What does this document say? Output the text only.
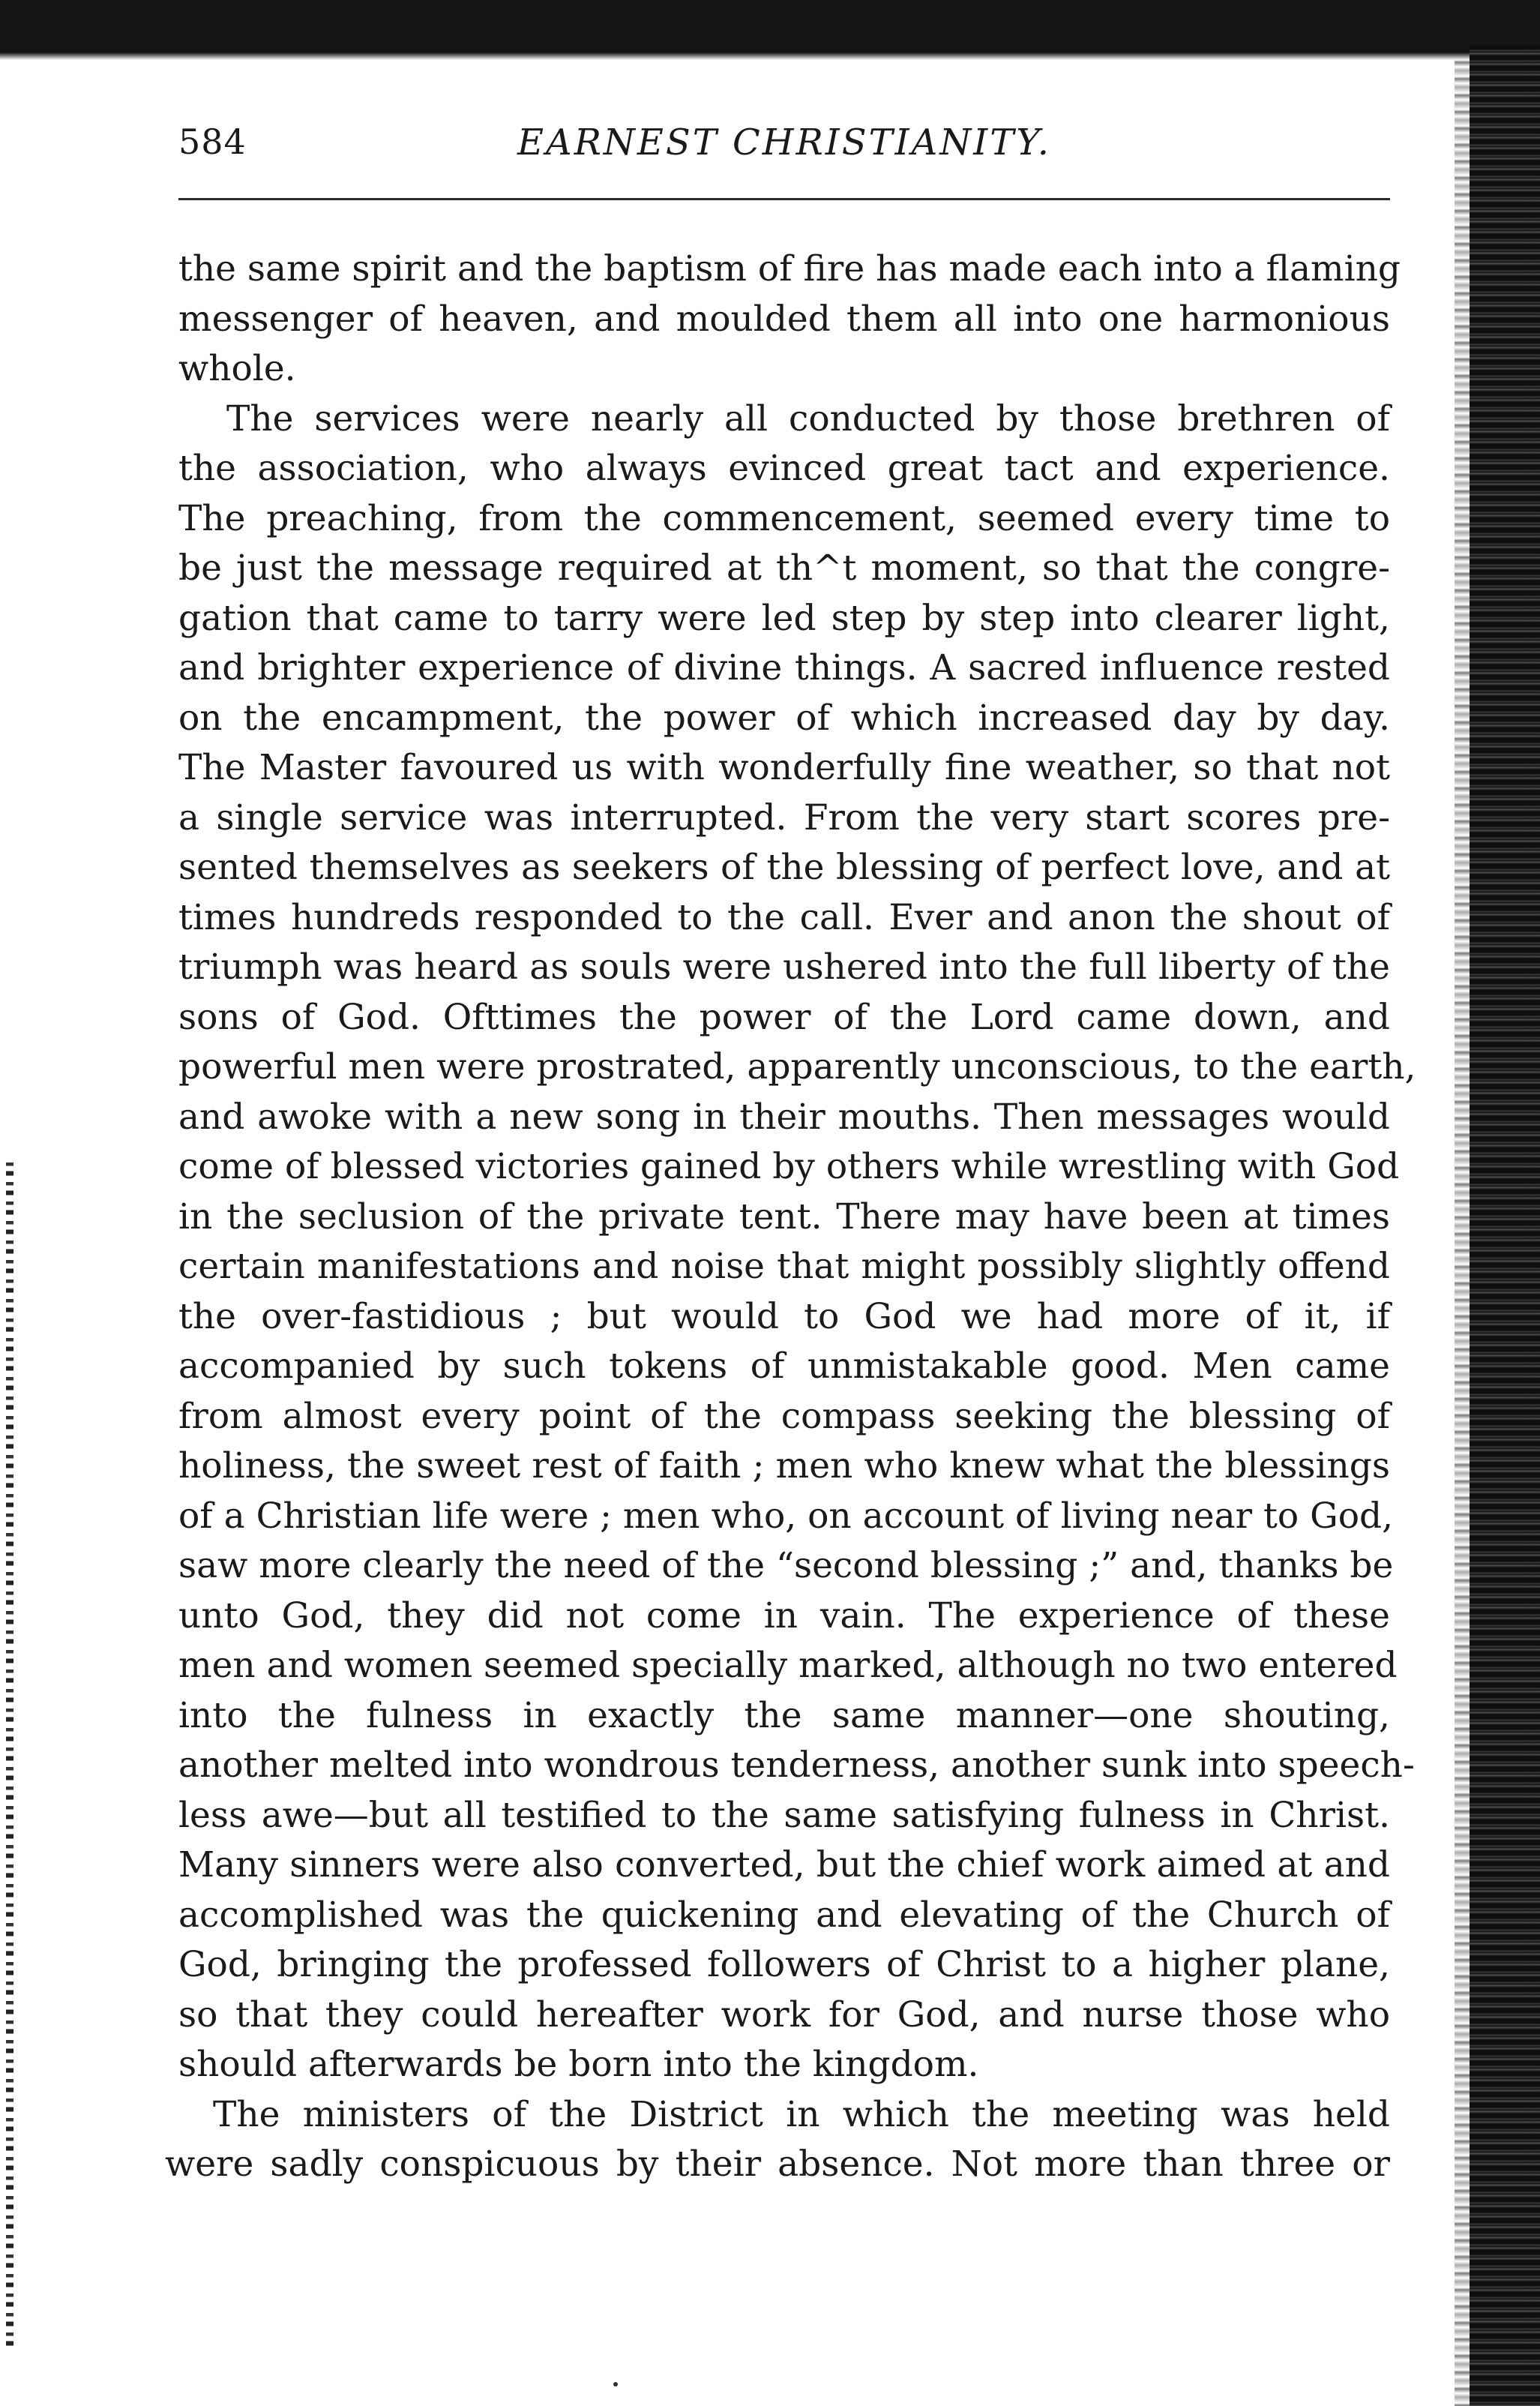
584	EARNEST CHRISTIANITY.
the same spirit and the baptism of fire has made each into a flaming
messenger of heaven, and moulded them all into one harmonious
whole.
The services were nearly all conducted by those brethren of
the association, who always evinced great tact and experience.
The preaching, from the commencement, seemed every time to
be just the message required at th^t moment, so that the congre-
gation that came to tarry were led step by step into clearer light,
and brighter experience of divine things. A sacred influence rested
on the encampment, the power of which increased day by day.
The Master favoured us with wonderfully fine weather, so that not
a single service was interrupted. From the very start scores pre-
sented themselves as seekers of the blessing of perfect love, and at
times hundreds responded to the call. Ever and anon the shout of
triumph was heard as souls were ushered into the full liberty of the
sons of God. Ofttimes the power of the Lord came down, and
powerful men were prostrated, apparently unconscious, to the earth,
and awoke with a new song in their mouths. Then messages would
come of blessed victories gained by others while wrestling with God
in the seclusion of the private tent. There may have been at times
certain manifestations and noise that might possibly slightly offend
the over-fastidious ; but would to God we had more of it, if
accompanied by such tokens of unmistakable good. Men came
from almost every point of the compass seeking the blessing of
holiness, the sweet rest of faith ; men who knew what the blessings
of a Christian life were ; men who, on account of living near to God,
saw more clearly the need of the “second blessing ;” and, thanks be
unto God, they did not come in vain. The experience of these
men and women seemed specially marked, although no two entered
into the fulness in exactly the same manner—one shouting,
another melted into wondrous tenderness, another sunk into speech-
less awe—but all testified to the same satisfying fulness in Christ.
Many sinners were also converted, but the chief work aimed at and
accomplished was the quickening and elevating of the Church of
God, bringing the professed followers of Christ to a higher plane,
so that they could hereafter work for God, and nurse those who
should afterwards be born into the kingdom.
The ministers of the District in which the meeting was held
were sadly conspicuous by their absence. Not more than three or
